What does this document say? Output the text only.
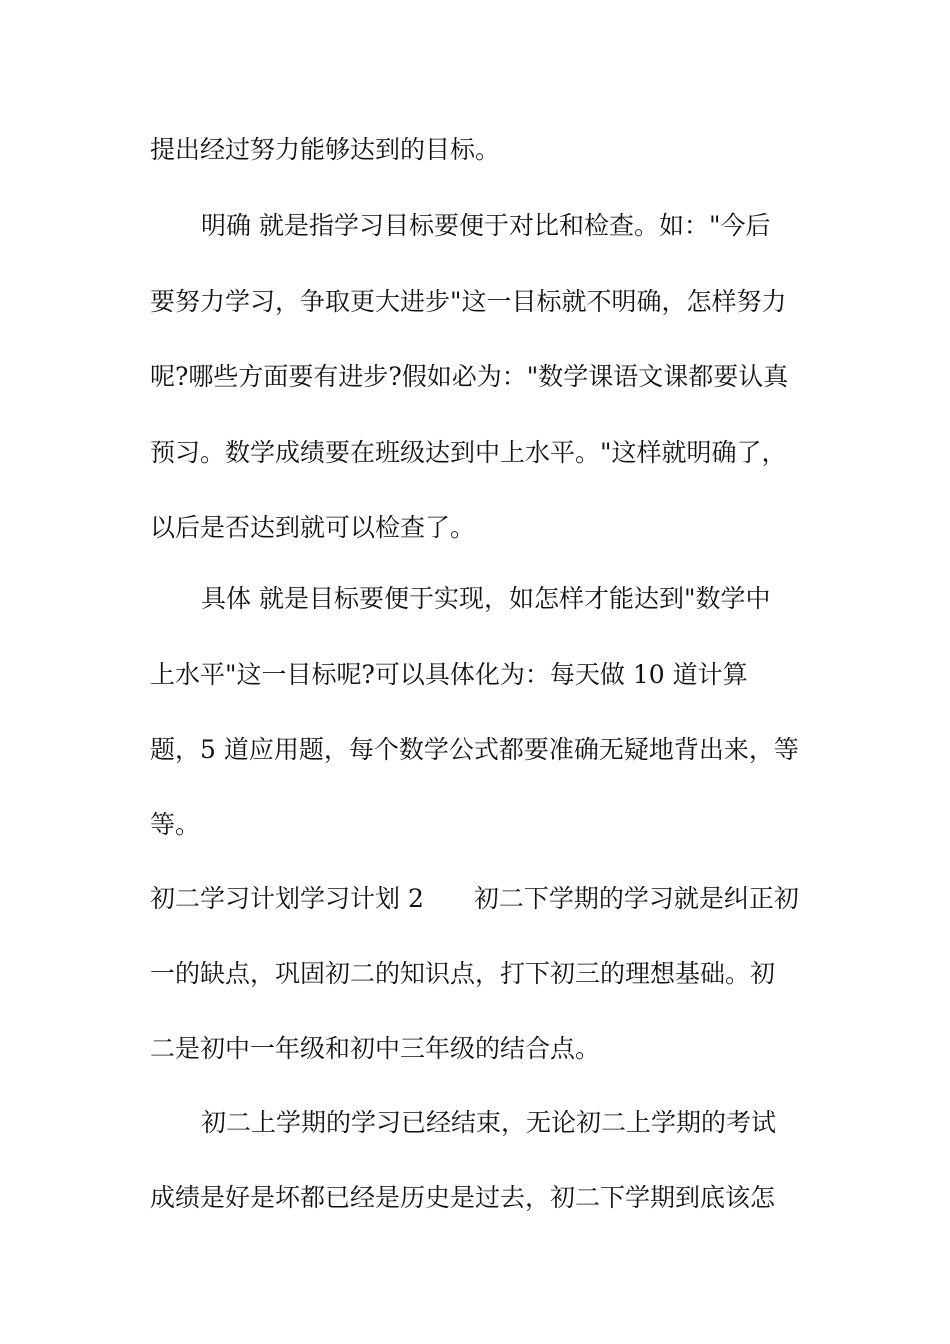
提出经过努力能够达到的目标。
明确 就是指学习目标要便于对比和检查。如："今后
要努力学习，争取更大进步"这一目标就不明确，怎样努力
呢?哪些方面要有进步?假如必为："数学课语文课都要认真
预习。数学成绩要在班级达到中上水平。"这样就明确了，
以后是否达到就可以检查了。
具体 就是目标要便于实现，如怎样才能达到"数学中
上水平"这一目标呢?可以具体化为：每天做 10 道计算
题，5 道应用题，每个数学公式都要准确无疑地背出来，等
等。
初二学习计划学习计划 2　　初二下学期的学习就是纠正初
一的缺点，巩固初二的知识点，打下初三的理想基础。初
二是初中一年级和初中三年级的结合点。
初二上学期的学习已经结束，无论初二上学期的考试
成绩是好是坏都已经是历史是过去，初二下学期到底该怎
